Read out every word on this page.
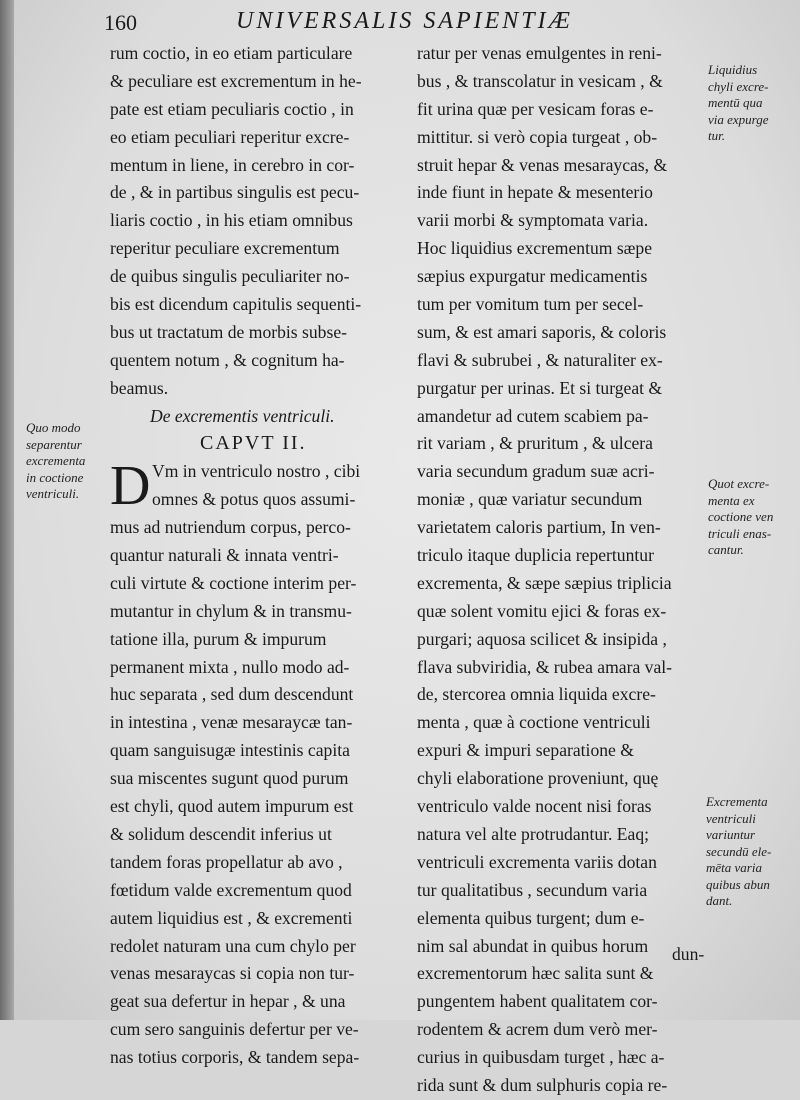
160	UNIVERSALIS SAPIENTIÆ
rum coctio, in eo etiam particulare
& peculiare est excrementum in he-
pate est etiam peculiaris coctio , in
eo etiam peculiari reperitur excre-
mentum in liene, in cerebro in cor-
de , & in partibus singulis est pecu-
liaris coctio , in his etiam omnibus
reperitur peculiare excrementum
de quibus singulis peculiariter no-
bis est dicendum capitulis sequenti-
bus ut tractatum de morbis subse-
quentem notum , & cognitum ha-
beamus.
De excrementis ventriculi.
CAPVT II.
D Vm in ventriculo nostro , cibi
omnes & potus quos assumi-
mus ad nutriendum corpus, perco-
quantur naturali & innata ventri-
culi virtute & coctione interim per-
mutantur in chylum & in transmu-
tatione illa, purum & impurum
permanent mixta , nullo modo ad-
huc separata , sed dum descendunt
in intestina , venæ mesaraycæ tan-
quam sanguisugæ intestinis capita
sua miscentes sugunt quod purum
est chyli, quod autem impurum est
& solidum descendit inferius ut
tandem foras propellatur ab avo ,
fœtidum valde excrementum quod
autem liquidius est , & excrementi
redolet naturam una cum chylo per
venas mesaraycas si copia non tur-
geat sua defertur in hepar , & una
cum sero sanguinis defertur per ve-
nas totius corporis, & tandem sepa-
ratur per venas emulgentes in reni-
bus , & transcolatur in vesicam , &
fit urina quæ per vesicam foras e-
mittitur. si verò copia turgeat , ob-
struit hepar & venas mesaraycas, &
inde fiunt in hepate & mesenterio
varii morbi & symptomata varia.
Hoc liquidius excrementum sæpe
sæpius expurgatur medicamentis
tum per vomitum tum per secel-
sum, & est amari saporis, & coloris
flavi & subrubei , & naturaliter ex-
purgatur per urinas. Et si turgeat &
amandetur ad cutem scabiem pa-
rit variam , & pruritum , & ulcera
varia secundum gradum suæ acri-
moniæ , quæ variatur secundum
varietatem caloris partium, In ven-
triculo itaque duplicia repertuntur
excrementa, & sæpe sæpius triplicia
quæ solent vomitu ejici & foras ex-
purgari; aquosa scilicet & insipida ,
flava subviridia, & rubea amara val-
de, stercorea omnia liquida excre-
menta , quæ à coctione ventriculi
expuri & impuri separatione &
chyli elaboratione proveniunt, quę
ventriculo valde nocent nisi foras
natura vel alte protrudantur. Eaq;
ventriculi excrementa variis dotan
tur qualitatibus , secundum varia
elementa quibus turgent; dum e-
nim sal abundat in quibus horum
excrementorum hæc salita sunt &
pungentem habent qualitatem cor-
rodentem & acrem dum verò mer-
curius in quibusdam turget , hæc a-
rida sunt & dum sulphuris copia re-
dun-
Quo modo
separentur
excrementa
in coctione
ventriculi.
Liquidius
chyli excre-
mentū qua
via expurge
tur.
Quot excre-
menta ex
coctione ven
triculi enas-
cantur.
Excrementa
ventriculi
variuntur
secundū ele-
mēta varia
quibus abun
dant.
